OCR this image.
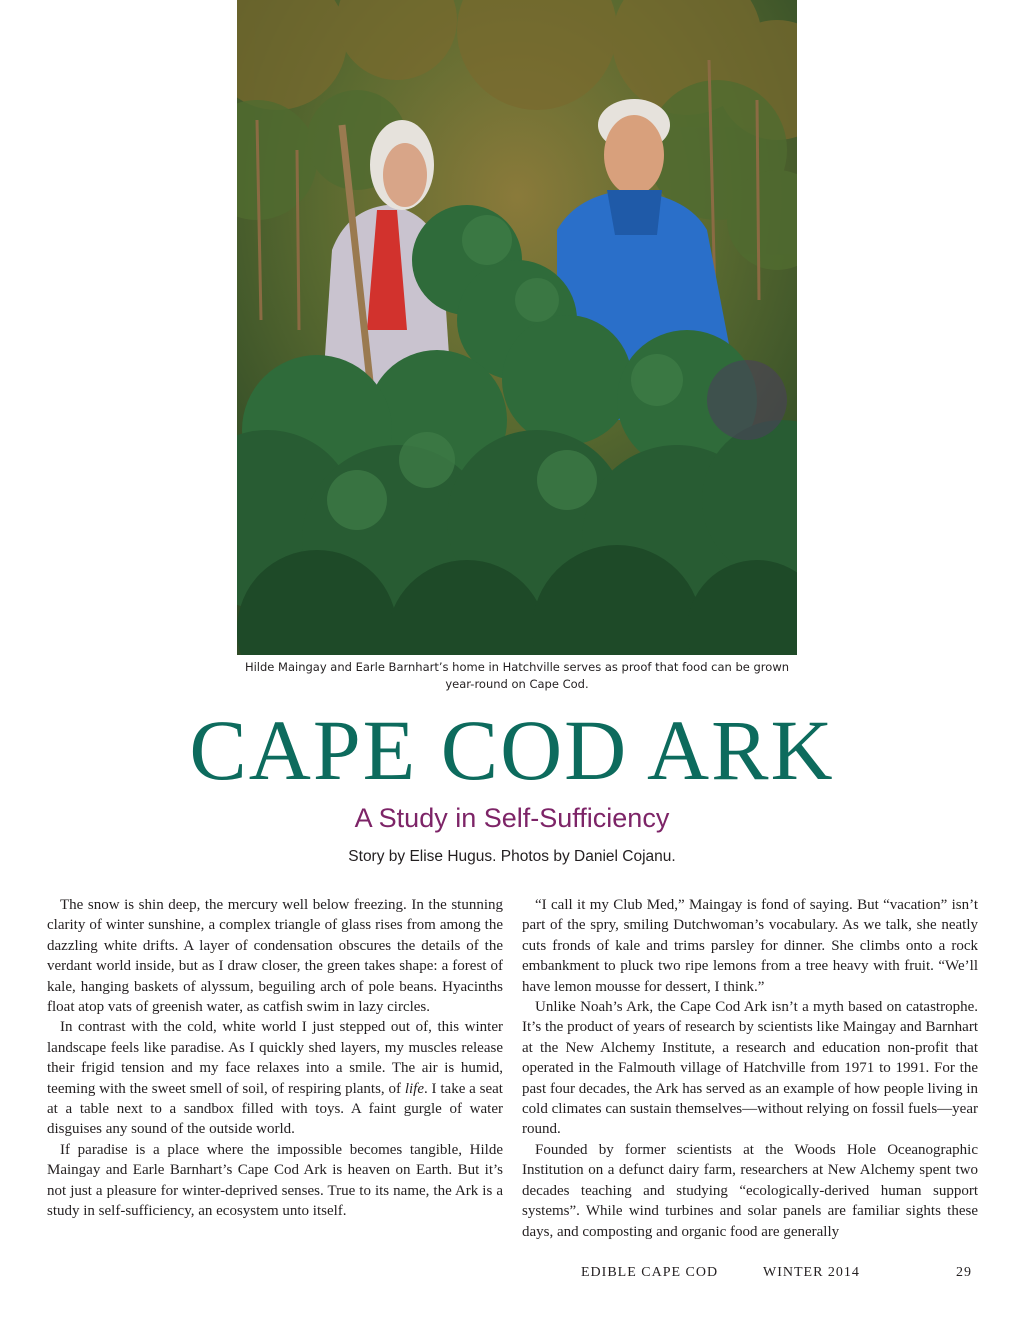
Hilde Maingay and Earle Barnhart’s home in Hatchville serves as proof that food can be grown
year-round on Cape Cod.
CAPE COD ARK
A Study in Self-Sufficiency
Story by Elise Hugus. Photos by Daniel Cojanu.

The snow is shin deep, the mercury well below freezing. In the stunning clarity of winter sunshine, a complex triangle of glass rises from among the dazzling white drifts. A layer of condensation obscures the details of the verdant world inside, but as I draw closer, the green takes shape: a forest of kale, hanging baskets of alyssum, beguiling arch of pole beans. Hyacinths float atop vats of greenish water, as catfish swim in lazy circles.

In contrast with the cold, white world I just stepped out of, this winter landscape feels like paradise. As I quickly shed layers, my muscles release their frigid tension and my face relaxes into a smile. The air is humid, teeming with the sweet smell of soil, of respiring plants, of life. I take a seat at a table next to a sandbox filled with toys. A faint gurgle of water disguises any sound of the outside world.

If paradise is a place where the impossible becomes tangible, Hilde Maingay and Earle Barnhart’s Cape Cod Ark is heaven on Earth. But it’s not just a pleasure for winter-deprived senses. True to its name, the Ark is a study in self-sufficiency, an ecosystem unto itself.

“I call it my Club Med,” Maingay is fond of saying. But “vacation” isn’t part of the spry, smiling Dutchwoman’s vocabulary. As we talk, she neatly cuts fronds of kale and trims parsley for dinner. She climbs onto a rock embankment to pluck two ripe lemons from a tree heavy with fruit. “We’ll have lemon mousse for dessert, I think.”

Unlike Noah’s Ark, the Cape Cod Ark isn’t a myth based on catastrophe. It’s the product of years of research by scientists like Maingay and Barnhart at the New Alchemy Institute, a research and education non-profit that operated in the Falmouth village of Hatchville from 1971 to 1991. For the past four decades, the Ark has served as an example of how people living in cold climates can sustain themselves—without relying on fossil fuels—year round.

Founded by former scientists at the Woods Hole Oceanographic Institution on a defunct dairy farm, researchers at New Alchemy spent two decades teaching and studying “ecologically-derived human support systems”. While wind turbines and solar panels are familiar sights these days, and composting and organic food are generally

EDIBLE CAPE COD	WINTER 2014	29
